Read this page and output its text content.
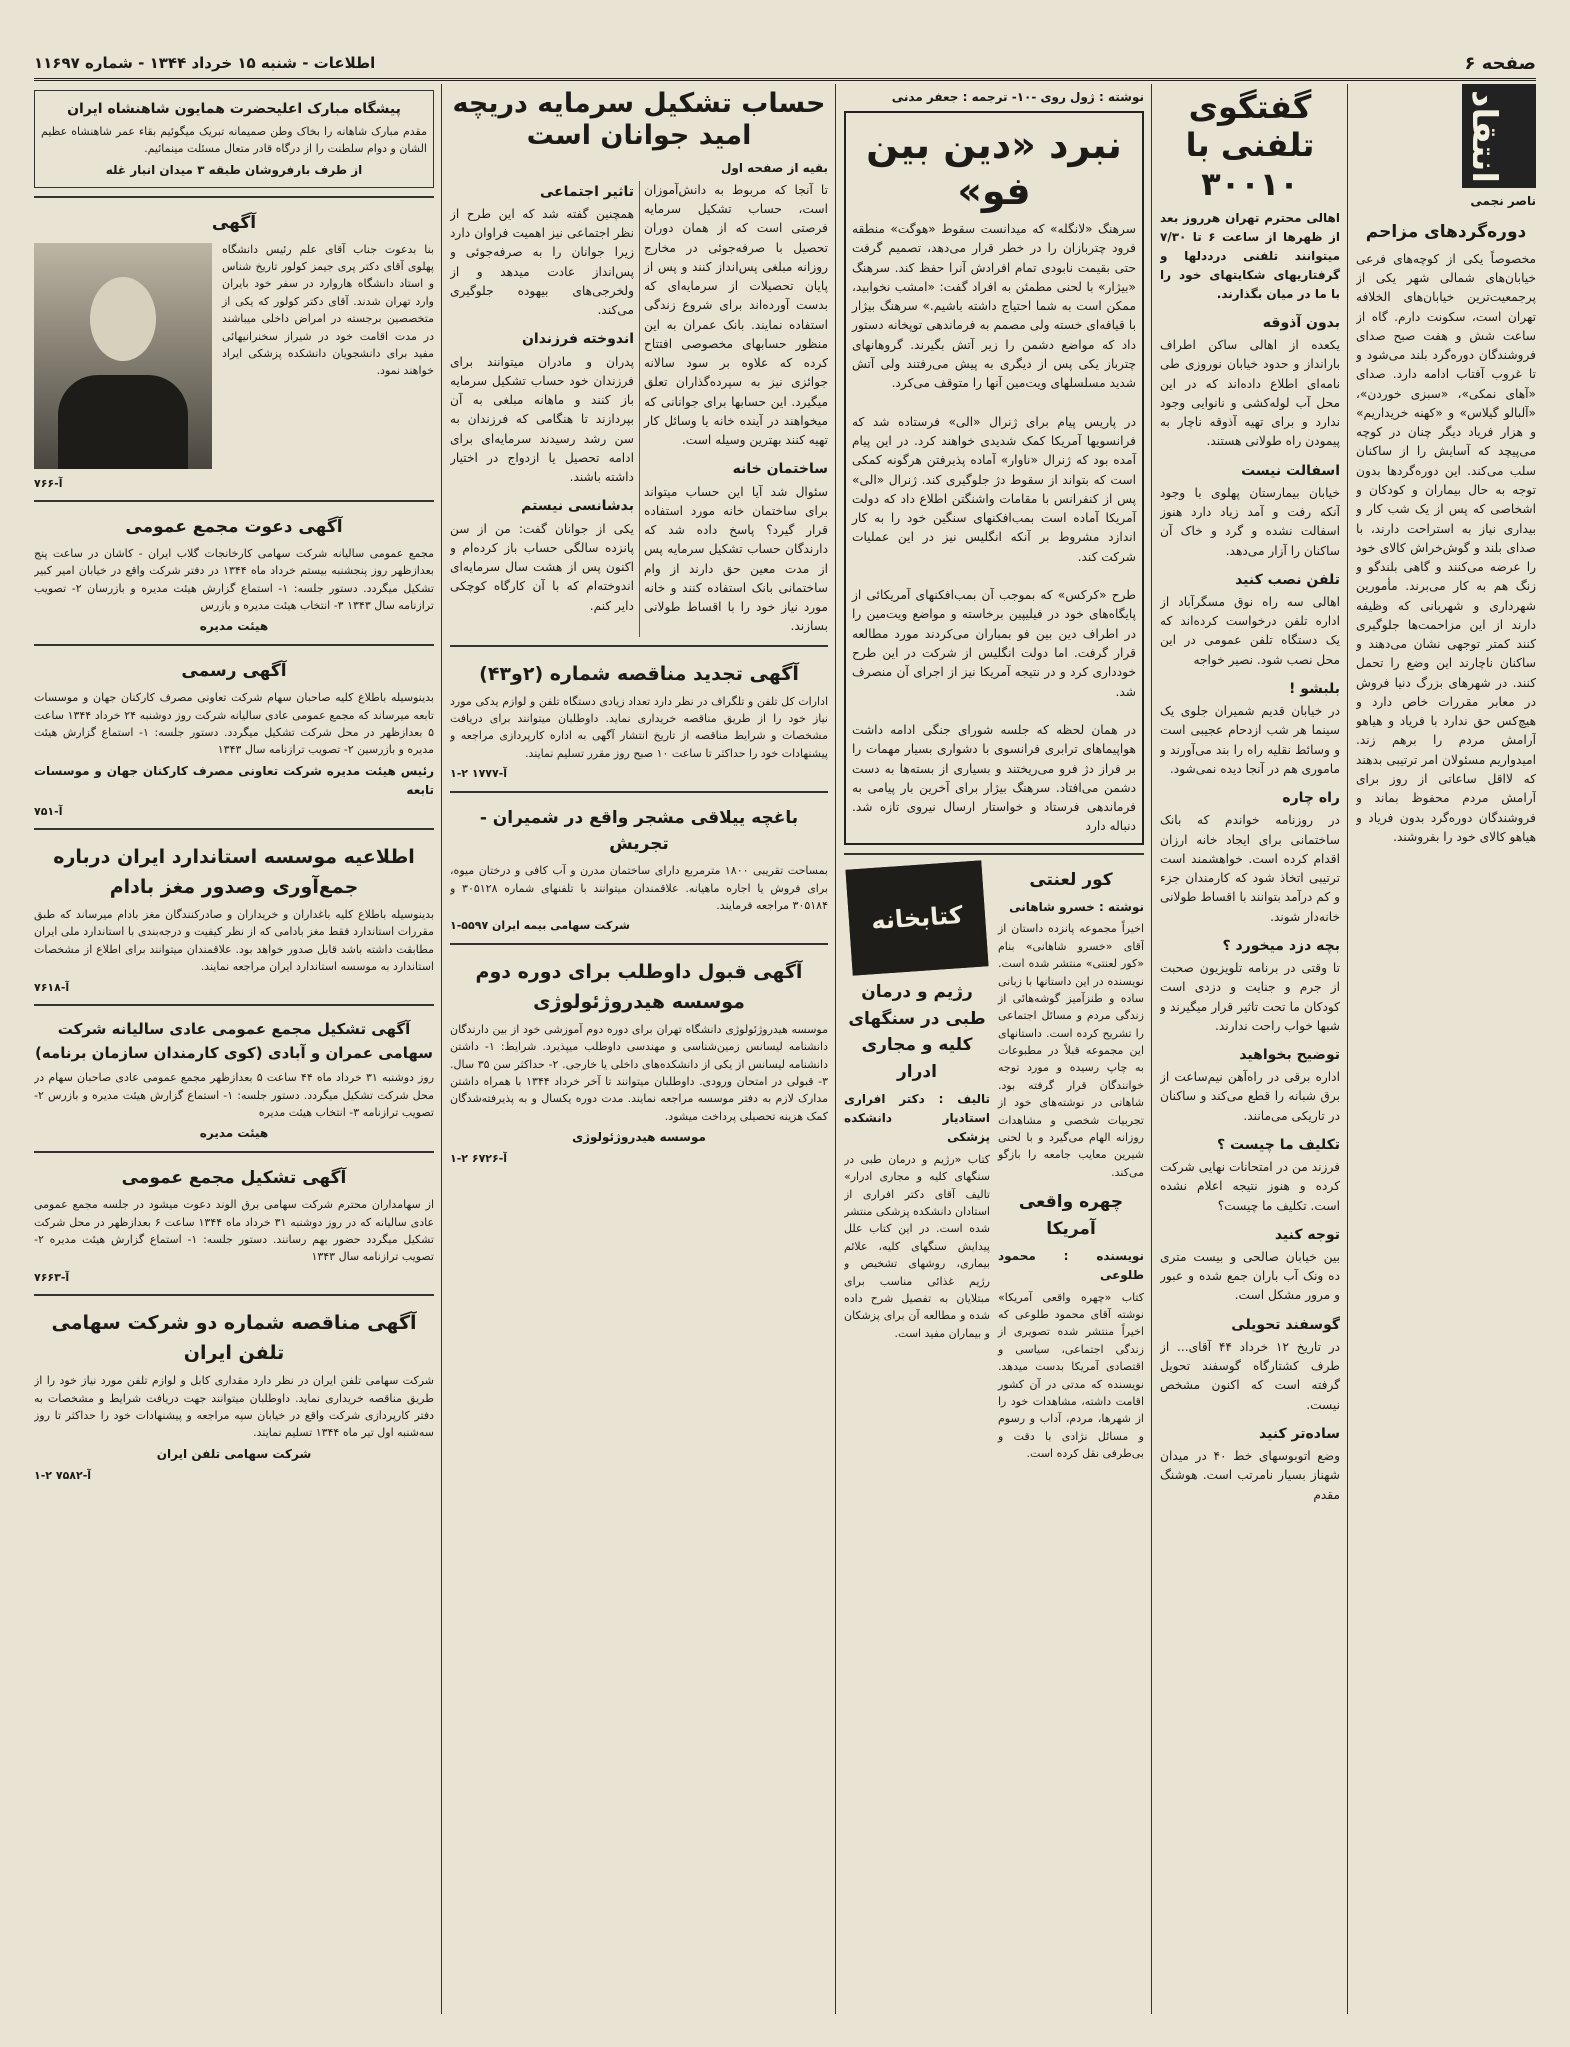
صفحه ۶
اطلاعات - شنبه ۱۵ خرداد ۱۳۴۴ - شماره ۱۱۶۹۷
انتقاد
ناصر نجمی
دوره‌گردهای مزاحم
مخصوصاً یکی از کوچه‌های فرعی خیابان‌های شمالی شهر یکی از پرجمعیت‌ترین خیابان‌های الخلافه تهران است، سکونت دارم. گاه از ساعت شش و هفت صبح صدای فروشندگان دوره‌گرد بلند می‌شود و تا غروب آفتاب ادامه دارد. صدای «آهای نمکی»، «سبزی خوردن»، «آلبالو گیلاس» و «کهنه خریداریم» و هزار فریاد دیگر چنان در کوچه می‌پیچد که آسایش را از ساکنان سلب می‌کند. این دوره‌گردها بدون توجه به حال بیماران و کودکان و اشخاصی که پس از یک شب کار و بیداری نیاز به استراحت دارند، با صدای بلند و گوش‌خراش کالای خود را عرضه می‌کنند و گاهی بلندگو و زنگ هم به کار می‌برند. مأمورین شهرداری و شهربانی که وظیفه دارند از این مزاحمت‌ها جلوگیری کنند کمتر توجهی نشان می‌دهند و ساکنان ناچارند این وضع را تحمل کنند. در شهرهای بزرگ دنیا فروش در معابر مقررات خاص دارد و هیچ‌کس حق ندارد با فریاد و هیاهو آرامش مردم را برهم زند. امیدواریم مسئولان امر ترتیبی بدهند که لااقل ساعاتی از روز برای آرامش مردم محفوظ بماند و فروشندگان دوره‌گرد بدون فریاد و هیاهو کالای خود را بفروشند.
گفتگوی تلفنی با ۳۰۰۱۰
اهالی محترم تهران هرروز بعد از ظهرها از ساعت ۶ تا ۷/۳۰ میتوانند تلفنی درددلها و گرفتاریهای شکایتهای خود را با ما در میان بگذارند.
بدون آذوقه
یکعده از اهالی ساکن اطراف بارانداز و حدود خیابان نوروزی طی نامه‌ای اطلاع داده‌اند که در این محل آب لوله‌کشی و نانوایی وجود ندارد و برای تهیه آذوقه ناچار به پیمودن راه طولانی هستند.
اسفالت نیست
خیابان بیمارستان پهلوی با وجود آنکه رفت و آمد زیاد دارد هنوز اسفالت نشده و گرد و خاک آن ساکنان را آزار می‌دهد.
تلفن نصب کنید
اهالی سه راه نوق مسگرآباد از اداره تلفن درخواست کرده‌اند که یک دستگاه تلفن عمومی در این محل نصب شود. نصیر خواجه
بلبشو !
در خیابان قدیم شمیران جلوی یک سینما هر شب ازدحام عجیبی است و وسائط نقلیه راه را بند می‌آورند و ماموری هم در آنجا دیده نمی‌شود.
راه چاره
در روزنامه خواندم که بانک ساختمانی برای ایجاد خانه ارزان اقدام کرده است. خواهشمند است ترتیبی اتخاذ شود که کارمندان جزء و کم درآمد بتوانند با اقساط طولانی خانه‌دار شوند.
بچه دزد میخورد ؟
تا وقتی در برنامه تلویزیون صحبت از جرم و جنایت و دزدی است کودکان ما تحت تاثیر قرار میگیرند و شبها خواب راحت ندارند.
توضیح بخواهید
اداره برقی در راه‌آهن نیم‌ساعت از برق شبانه را قطع می‌کند و ساکنان در تاریکی می‌مانند.
تکلیف ما چیست ؟
فرزند من در امتحانات نهایی شرکت کرده و هنوز نتیجه اعلام نشده است. تکلیف ما چیست؟
توجه کنید
بین خیابان صالحی و بیست متری ده ونک آب باران جمع شده و عبور و مرور مشکل است.
گوسفند تحویلی
در تاریخ ۱۲ خرداد ۴۴ آقای... از طرف کشتارگاه گوسفند تحویل گرفته است که اکنون مشخص نیست.
ساده‌تر کنید
وضع اتوبوسهای خط ۴۰ در میدان شهناز بسیار نامرتب است. هوشنگ مقدم
نوشته : ژول روی -۱۰- ترجمه : جعفر مدنی
نبرد «دین بین فو»
سرهنگ «لانگله» که میدانست سقوط «هوگت» منطقه فرود چتربازان را در خطر قرار می‌دهد، تصمیم گرفت حتی بقیمت نابودی تمام افرادش آنرا حفظ کند. سرهنگ «بیژار» با لحنی مطمئن به افراد گفت: «امشب نخوابید، ممکن است به شما احتیاج داشته باشیم.» سرهنگ بیژار با قیافه‌ای خسته ولی مصمم به فرماندهی توپخانه دستور داد که مواضع دشمن را زیر آتش بگیرند. گروهانهای چترباز یکی پس از دیگری به پیش می‌رفتند ولی آتش شدید مسلسلهای ویت‌مین آنها را متوقف می‌کرد.

در پاریس پیام برای ژنرال «الی» فرستاده شد که فرانسویها آمریکا کمک شدیدی خواهند کرد. در این پیام آمده بود که ژنرال «ناوار» آماده پذیرفتن هرگونه کمکی است که بتواند از سقوط دژ جلوگیری کند. ژنرال «الی» پس از کنفرانس با مقامات واشنگتن اطلاع داد که دولت آمریکا آماده است بمب‌افکنهای سنگین خود را به کار اندازد مشروط بر آنکه انگلیس نیز در این عملیات شرکت کند.

طرح «کرکس» که بموجب آن بمب‌افکنهای آمریکائی از پایگاه‌های خود در فیلیپین برخاسته و مواضع ویت‌مین را در اطراف دین بین فو بمباران می‌کردند مورد مطالعه قرار گرفت. اما دولت انگلیس از شرکت در این طرح خودداری کرد و در نتیجه آمریکا نیز از اجرای آن منصرف شد.

در همان لحظه که جلسه شورای جنگی ادامه داشت هواپیماهای ترابری فرانسوی با دشواری بسیار مهمات را بر فراز دژ فرو می‌ریختند و بسیاری از بسته‌ها به دست دشمن می‌افتاد. سرهنگ بیژار برای آخرین بار پیامی به فرماندهی فرستاد و خواستار ارسال نیروی تازه شد. دنباله دارد
کور لعنتی
نوشته : خسرو شاهانی
اخیراً مجموعه پانزده داستان از آقای «خسرو شاهانی» بنام «کور لعنتی» منتشر شده است. نویسنده در این داستانها با زبانی ساده و طنزآمیز گوشه‌هائی از زندگی مردم و مسائل اجتماعی را تشریح کرده است. داستانهای این مجموعه قبلاً در مطبوعات به چاپ رسیده و مورد توجه خوانندگان قرار گرفته بود. شاهانی در نوشته‌های خود از تجربیات شخصی و مشاهدات روزانه الهام می‌گیرد و با لحنی شیرین معایب جامعه را بازگو می‌کند.
چهره واقعی آمریکا
نویسنده : محمود طلوعی
کتاب «چهره واقعی آمریکا» نوشته آقای محمود طلوعی که اخیراً منتشر شده تصویری از زندگی اجتماعی، سیاسی و اقتصادی آمریکا بدست میدهد. نویسنده که مدتی در آن کشور اقامت داشته، مشاهدات خود را از شهرها، مردم، آداب و رسوم و مسائل نژادی با دقت و بی‌طرفی نقل کرده است.
کتابخانه
رژیم و درمان طبی در سنگهای کلیه و مجاری ادرار
تالیف : دکتر افراری استادیار دانشکده پزشکی
کتاب «رژیم و درمان طبی در سنگهای کلیه و مجاری ادرار» تالیف آقای دکتر افراری از استادان دانشکده پزشکی منتشر شده است. در این کتاب علل پیدایش سنگهای کلیه، علائم بیماری، روشهای تشخیص و رژیم غذائی مناسب برای مبتلایان به تفصیل شرح داده شده و مطالعه آن برای پزشکان و بیماران مفید است.
حساب تشکیل سرمایه دریچه امید جوانان است
بقیه از صفحه اول
تا آنجا که مربوط به دانش‌آموزان است، حساب تشکیل سرمایه فرصتی است که از همان دوران تحصیل با صرفه‌جوئی در مخارج روزانه مبلغی پس‌انداز کنند و پس از پایان تحصیلات از سرمایه‌ای که بدست آورده‌اند برای شروع زندگی استفاده نمایند. بانک عمران به این منظور حسابهای مخصوصی افتتاح کرده که علاوه بر سود سالانه جوائزی نیز به سپرده‌گذاران تعلق میگیرد. این حسابها برای جوانانی که میخواهند در آینده خانه یا وسائل کار تهیه کنند بهترین وسیله است.
ساختمان خانه
سئوال شد آیا این حساب میتواند برای ساختمان خانه مورد استفاده قرار گیرد؟ پاسخ داده شد که دارندگان حساب تشکیل سرمایه پس از مدت معین حق دارند از وام ساختمانی بانک استفاده کنند و خانه مورد نیاز خود را با اقساط طولانی بسازند.
تاثیر اجتماعی
همچنین گفته شد که این طرح از نظر اجتماعی نیز اهمیت فراوان دارد زیرا جوانان را به صرفه‌جوئی و پس‌انداز عادت میدهد و از ولخرجی‌های بیهوده جلوگیری می‌کند.
اندوخته فرزندان
پدران و مادران میتوانند برای فرزندان خود حساب تشکیل سرمایه باز کنند و ماهانه مبلغی به آن بپردازند تا هنگامی که فرزندان به سن رشد رسیدند سرمایه‌ای برای ادامه تحصیل یا ازدواج در اختیار داشته باشند.
بدشانسی نیستم
یکی از جوانان گفت: من از سن پانزده سالگی حساب باز کرده‌ام و اکنون پس از هشت سال سرمایه‌ای اندوخته‌ام که با آن کارگاه کوچکی دایر کنم.
آگهی تجدید مناقصه شماره (۲و۴۳)
ادارات کل تلفن و تلگراف در نظر دارد تعداد زیادی دستگاه تلفن و لوازم یدکی مورد نیاز خود را از طریق مناقصه خریداری نماید. داوطلبان میتوانند برای دریافت مشخصات و شرایط مناقصه از تاریخ انتشار آگهی به اداره کارپردازی مراجعه و پیشنهادات خود را حداکثر تا ساعت ۱۰ صبح روز مقرر تسلیم نمایند.
آ-۱۷۷۷ ۲-۱
باغچه ییلاقی مشجر واقع در شمیران - تجریش
بمساحت تقریبی ۱۸۰۰ مترمربع دارای ساختمان مدرن و آب کافی و درختان میوه، برای فروش یا اجاره ماهیانه. علاقمندان میتوانند با تلفنهای شماره ۳۰۵۱۲۸ و ۳۰۵۱۸۴ مراجعه فرمایند.
شرکت سهامی بیمه ایران ۵۵۹۷-۱
آگهی قبول داوطلب برای دوره دوم موسسه هیدروژئولوژی
موسسه هیدروژئولوژی دانشگاه تهران برای دوره دوم آموزشی خود از بین دارندگان دانشنامه لیسانس زمین‌شناسی و مهندسی داوطلب میپذیرد. شرایط: ۱- داشتن دانشنامه لیسانس از یکی از دانشکده‌های داخلی یا خارجی. ۲- حداکثر سن ۳۵ سال. ۳- قبولی در امتحان ورودی. داوطلبان میتوانند تا آخر خرداد ۱۳۴۴ با همراه داشتن مدارک لازم به دفتر موسسه مراجعه نمایند. مدت دوره یکسال و به پذیرفته‌شدگان کمک هزینه تحصیلی پرداخت میشود.
موسسه هیدروژئولوژی
آ-۶۷۲۶ ۲-۱
پیشگاه مبارک اعلیحضرت همایون شاهنشاه ایران
مقدم مبارک شاهانه را بخاک وطن صمیمانه تبریک میگوئیم بقاء عمر شاهنشاه عظیم الشان و دوام سلطنت را از درگاه قادر متعال مسئلت مینمائیم.
از طرف بارفروشان طبقه ۳ میدان انبار غله
آگهی
بنا بدعوت جناب آقای علم رئیس دانشگاه پهلوی آقای دکتر پری جیمز کولور تاریخ شناس و استاد دانشگاه هاروارد در سفر خود بایران وارد تهران شدند. آقای دکتر کولور که یکی از متخصصین برجسته در امراض داخلی میباشند در مدت اقامت خود در شیراز سخنرانیهائی مفید برای دانشجویان دانشکده پزشکی ایراد خواهند نمود.
آ-۷۶۶
آگهی دعوت مجمع عمومی
مجمع عمومی سالیانه شرکت سهامی کارخانجات گلاب ایران - کاشان در ساعت پنج بعدازظهر روز پنجشنبه بیستم خرداد ماه ۱۳۴۴ در دفتر شرکت واقع در خیابان امیر کبیر تشکیل میگردد. دستور جلسه: ۱- استماع گزارش هیئت مدیره و بازرسان ۲- تصویب ترازنامه سال ۱۳۴۳ ۳- انتخاب هیئت مدیره و بازرس
هیئت مدیره
آگهی رسمی
بدینوسیله باطلاع کلیه صاحبان سهام شرکت تعاونی مصرف کارکنان جهان و موسسات تابعه میرساند که مجمع عمومی عادی سالیانه شرکت روز دوشنبه ۲۴ خرداد ۱۳۴۴ ساعت ۵ بعدازظهر در محل شرکت تشکیل میگردد. دستور جلسه: ۱- استماع گزارش هیئت مدیره و بازرسین ۲- تصویب ترازنامه سال ۱۳۴۳
رئیس هیئت مدیره شرکت تعاونی مصرف کارکنان جهان و موسسات تابعه
آ-۷۵۱
اطلاعیه موسسه استاندارد ایران درباره جمع‌آوری وصدور مغز بادام
بدینوسیله باطلاع کلیه باغداران و خریداران و صادرکنندگان مغز بادام میرساند که طبق مقررات استاندارد فقط مغز بادامی که از نظر کیفیت و درجه‌بندی با استاندارد ملی ایران مطابقت داشته باشد قابل صدور خواهد بود. علاقمندان میتوانند برای اطلاع از مشخصات استاندارد به موسسه استاندارد ایران مراجعه نمایند.
آ-۷۶۱۸
آگهی تشکیل مجمع عمومی عادی سالیانه شرکت سهامی عمران و آبادی (کوی کارمندان سازمان برنامه)
روز دوشنبه ۳۱ خرداد ماه ۴۴ ساعت ۵ بعدازظهر مجمع عمومی عادی صاحبان سهام در محل شرکت تشکیل میگردد. دستور جلسه: ۱- استماع گزارش هیئت مدیره و بازرس ۲- تصویب ترازنامه ۳- انتخاب هیئت مدیره
هیئت مدیره
آگهی تشکیل مجمع عمومی
از سهامداران محترم شرکت سهامی برق الوند دعوت میشود در جلسه مجمع عمومی عادی سالیانه که در روز دوشنبه ۳۱ خرداد ماه ۱۳۴۴ ساعت ۶ بعدازظهر در محل شرکت تشکیل میگردد حضور بهم رسانند. دستور جلسه: ۱- استماع گزارش هیئت مدیره ۲- تصویب ترازنامه سال ۱۳۴۳
آ-۷۶۶۳
آگهی مناقصه شماره دو شرکت سهامی تلفن ایران
شرکت سهامی تلفن ایران در نظر دارد مقداری کابل و لوازم تلفن مورد نیاز خود را از طریق مناقصه خریداری نماید. داوطلبان میتوانند جهت دریافت شرایط و مشخصات به دفتر کارپردازی شرکت واقع در خیابان سپه مراجعه و پیشنهادات خود را حداکثر تا روز سه‌شنبه اول تیر ماه ۱۳۴۴ تسلیم نمایند.
شرکت سهامی تلفن ایران
آ-۷۵۸۲ ۲-۱
